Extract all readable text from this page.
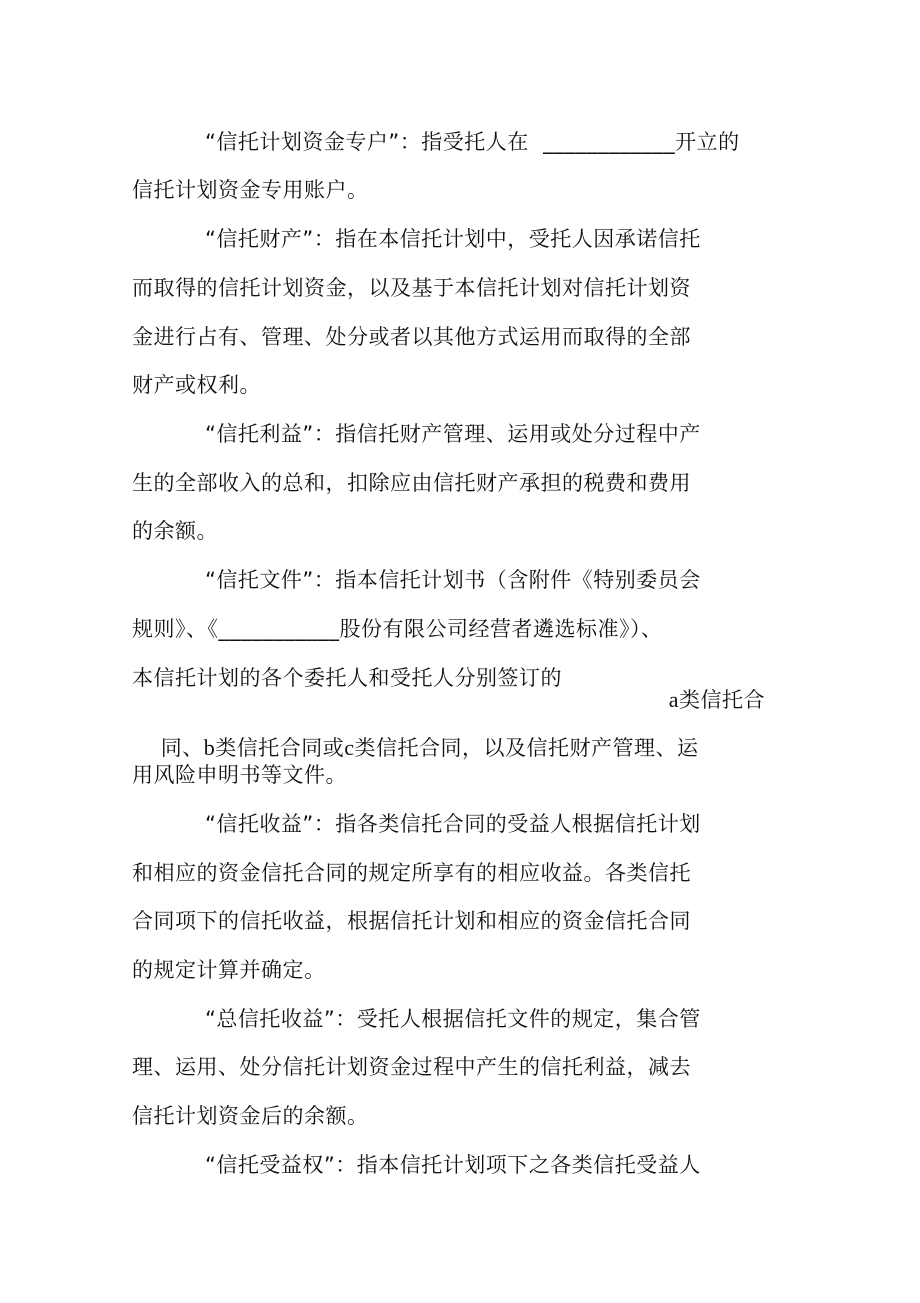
“信托计划资金专户”：指受托人在  ____________开立的
信托计划资金专用账户。
“信托财产”：指在本信托计划中，受托人因承诺信托
而取得的信托计划资金，以及基于本信托计划对信托计划资
金进行占有、管理、处分或者以其他方式运用而取得的全部
财产或权利。
“信托利益”：指信托财产管理、运用或处分过程中产
生的全部收入的总和，扣除应由信托财产承担的税费和费用
的余额。
“信托文件”：指本信托计划书（含附件《特别委员会
规则》、《___________股份有限公司经营者遴选标准》）、
本信托计划的各个委托人和受托人分别签订的

a类信托合

同、b类信托合同或c类信托合同，以及信托财产管理、运

用风险申明书等文件。
“信托收益”：指各类信托合同的受益人根据信托计划
和相应的资金信托合同的规定所享有的相应收益。各类信托
合同项下的信托收益，根据信托计划和相应的资金信托合同
的规定计算并确定。
“总信托收益”：受托人根据信托文件的规定，集合管
理、运用、处分信托计划资金过程中产生的信托利益，减去
信托计划资金后的余额。
“信托受益权”：指本信托计划项下之各类信托受益人
